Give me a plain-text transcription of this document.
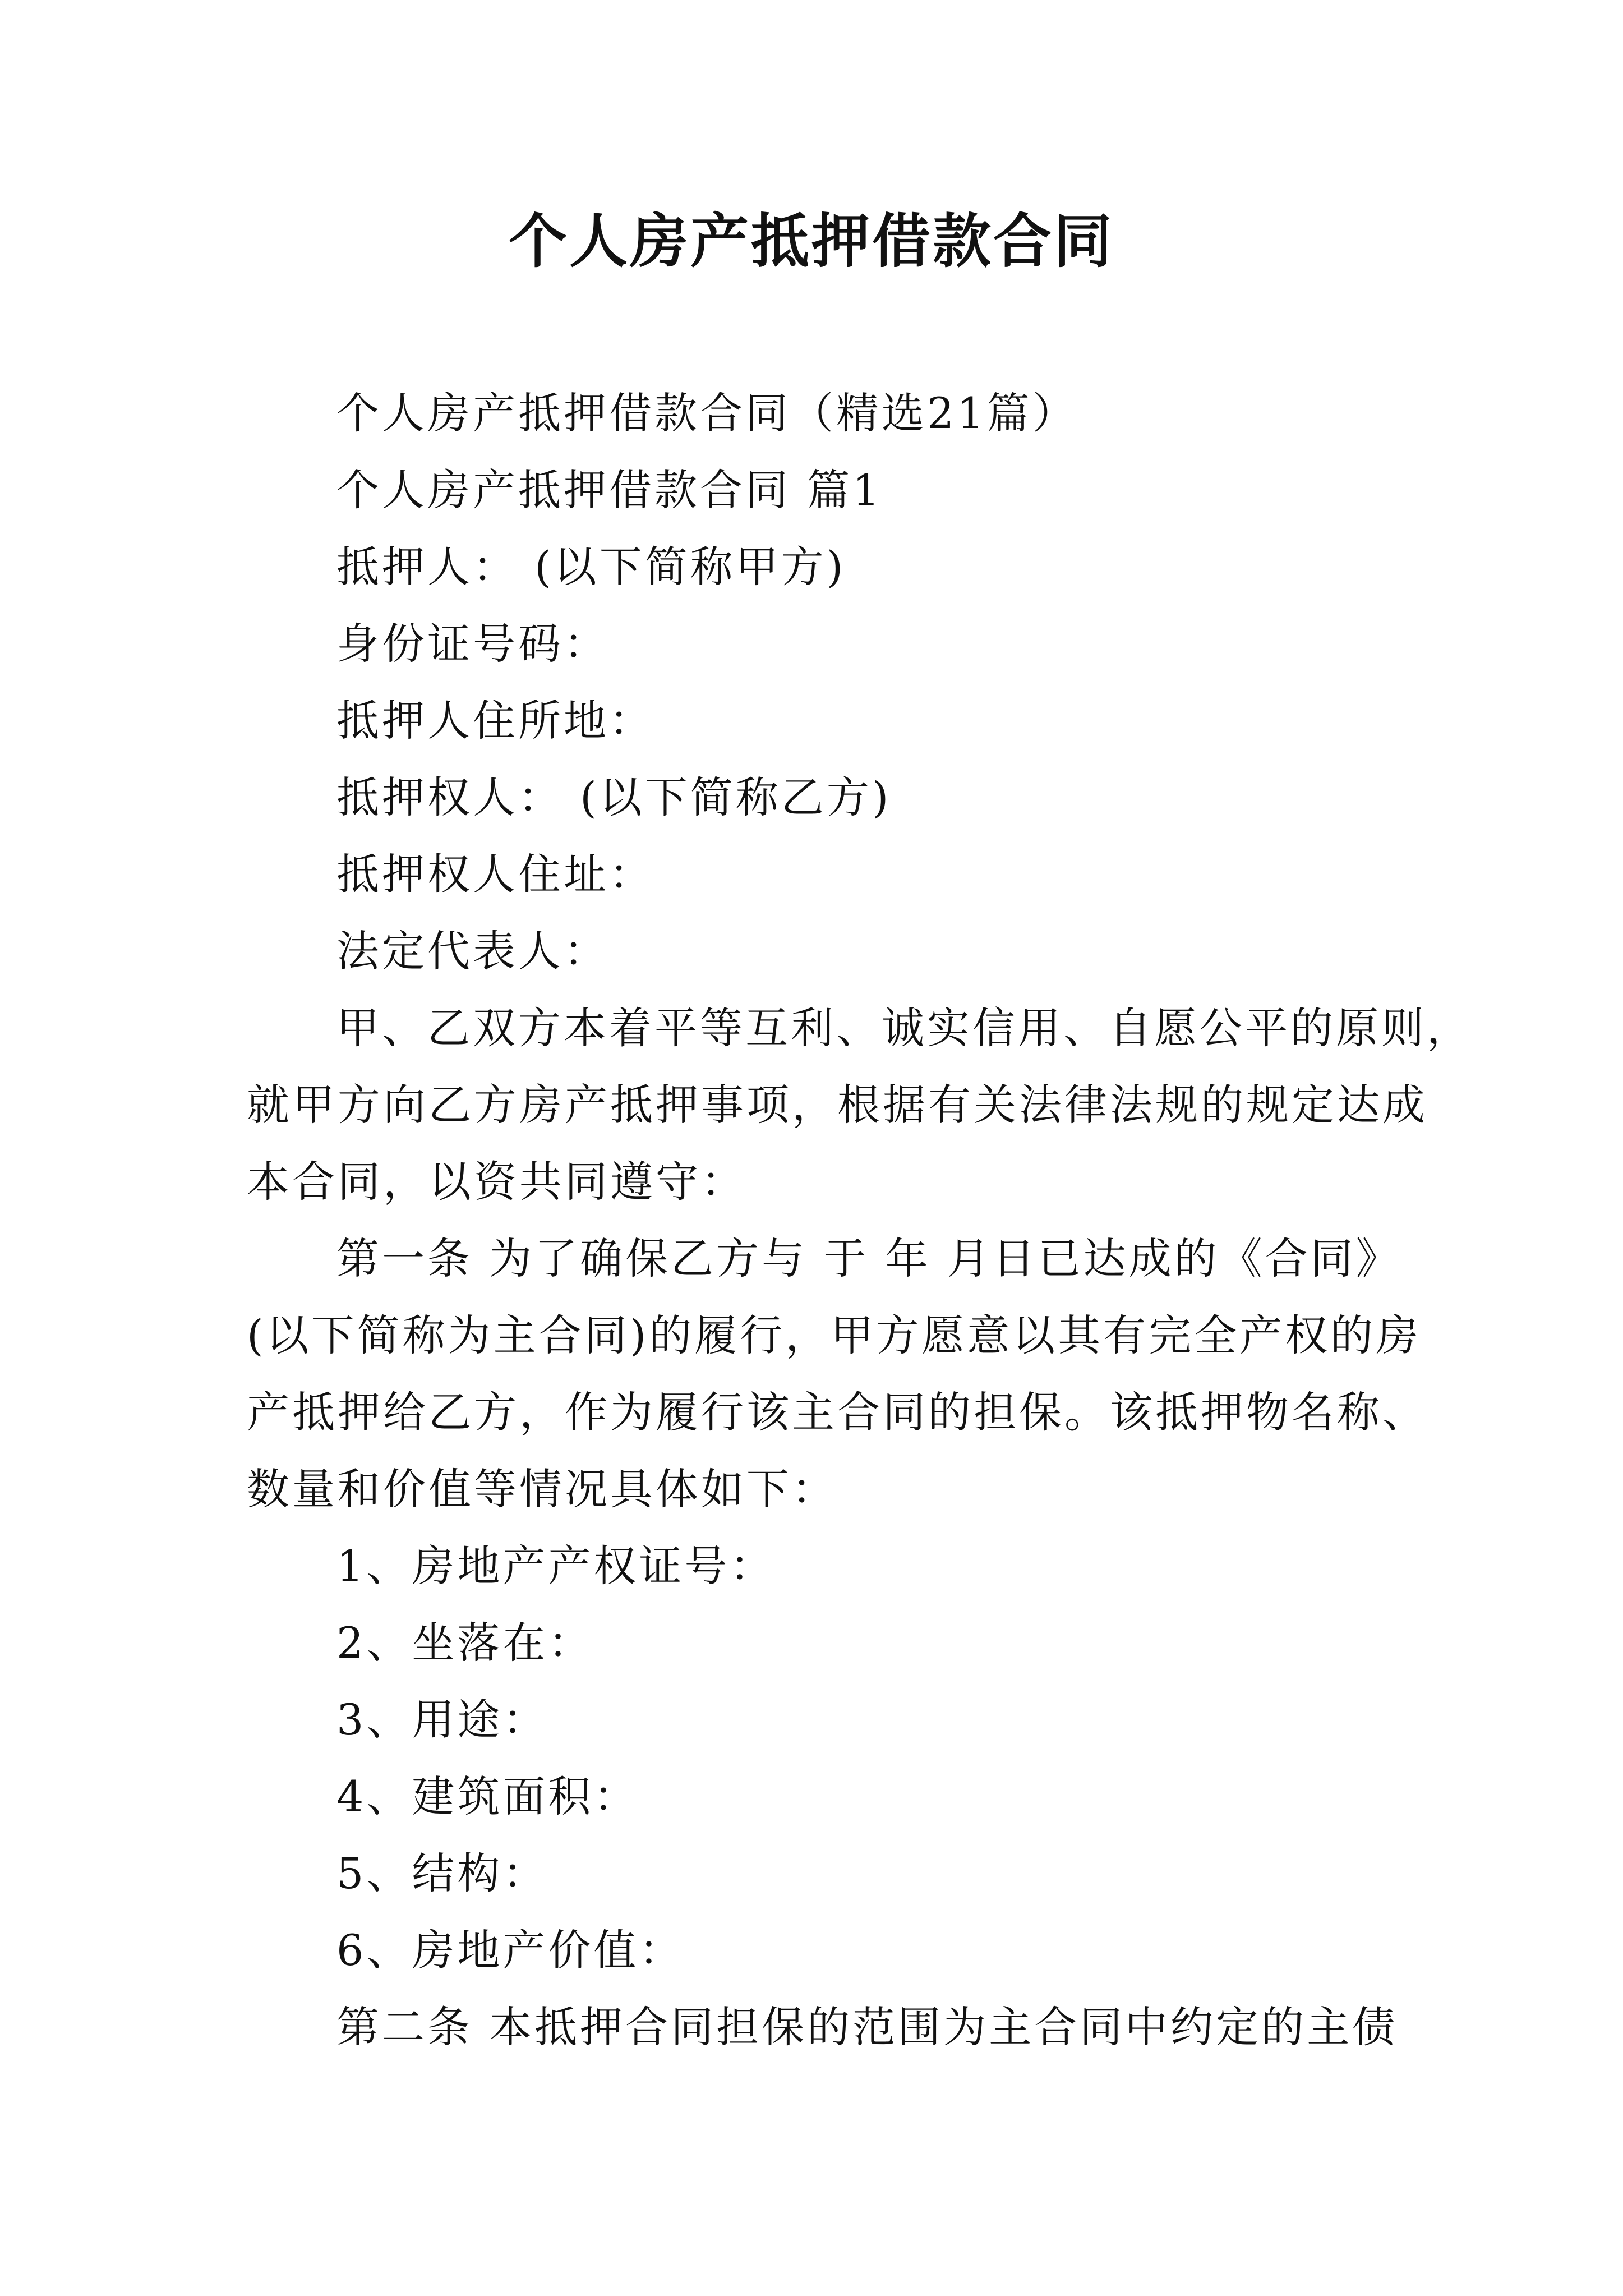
个人房产抵押借款合同

个人房产抵押借款合同（精选21篇）

个人房产抵押借款合同 篇1

抵押人： (以下简称甲方)

身份证号码：

抵押人住所地：

抵押权人： (以下简称乙方)

抵押权人住址：

法定代表人：

甲、乙双方本着平等互利、诚实信用、自愿公平的原则，

就甲方向乙方房产抵押事项，根据有关法律法规的规定达成

本合同，以资共同遵守：

第一条 为了确保乙方与 于 年 月日已达成的《合同》

(以下简称为主合同)的履行，甲方愿意以其有完全产权的房

产抵押给乙方，作为履行该主合同的担保。该抵押物名称、

数量和价值等情况具体如下：

1、房地产产权证号：

2、坐落在：

3、用途：

4、建筑面积：

5、结构：

6、房地产价值：

第二条 本抵押合同担保的范围为主合同中约定的主债
